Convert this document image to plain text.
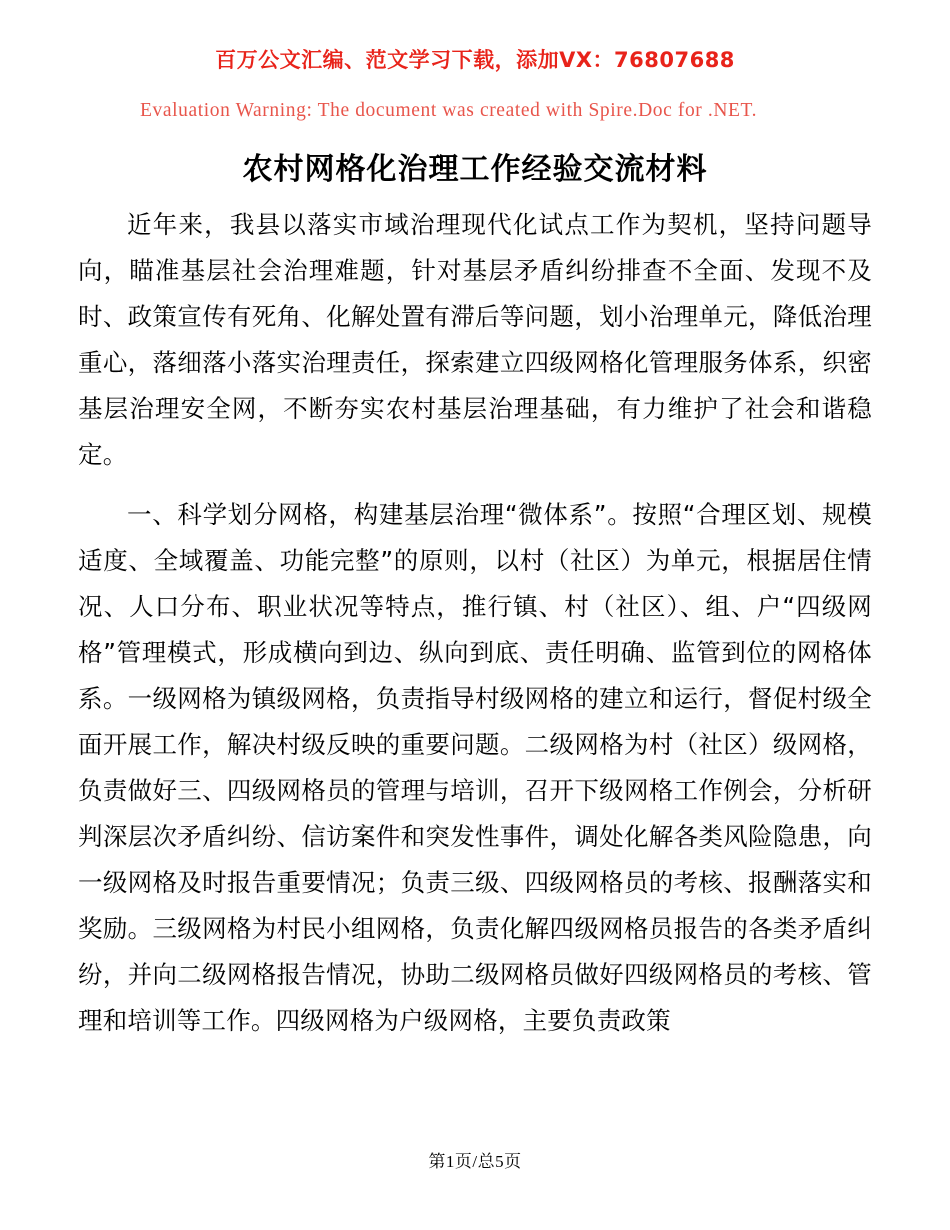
百万公文汇编、范文学习下载，添加VX：76807688
Evaluation Warning: The document was created with Spire.Doc for .NET.
农村网格化治理工作经验交流材料

近年来，我县以落实市域治理现代化试点工作为契机，坚持问题导向，瞄准基层社会治理难题，针对基层矛盾纠纷排查不全面、发现不及时、政策宣传有死角、化解处置有滞后等问题，划小治理单元，降低治理重心，落细落小落实治理责任，探索建立四级网格化管理服务体系，织密基层治理安全网，不断夯实农村基层治理基础，有力维护了社会和谐稳定。

一、科学划分网格，构建基层治理“微体系”。按照“合理区划、规模适度、全域覆盖、功能完整”的原则，以村（社区）为单元，根据居住情况、人口分布、职业状况等特点，推行镇、村（社区）、组、户“四级网格”管理模式，形成横向到边、纵向到底、责任明确、监管到位的网格体系。一级网格为镇级网格，负责指导村级网格的建立和运行，督促村级全面开展工作，解决村级反映的重要问题。二级网格为村（社区）级网格，负责做好三、四级网格员的管理与培训，召开下级网格工作例会，分析研判深层次矛盾纠纷、信访案件和突发性事件，调处化解各类风险隐患，向一级网格及时报告重要情况；负责三级、四级网格员的考核、报酬落实和奖励。三级网格为村民小组网格，负责化解四级网格员报告的各类矛盾纠纷，并向二级网格报告情况，协助二级网格员做好四级网格员的考核、管理和培训等工作。四级网格为户级网格，主要负责政策

第1页/总5页
